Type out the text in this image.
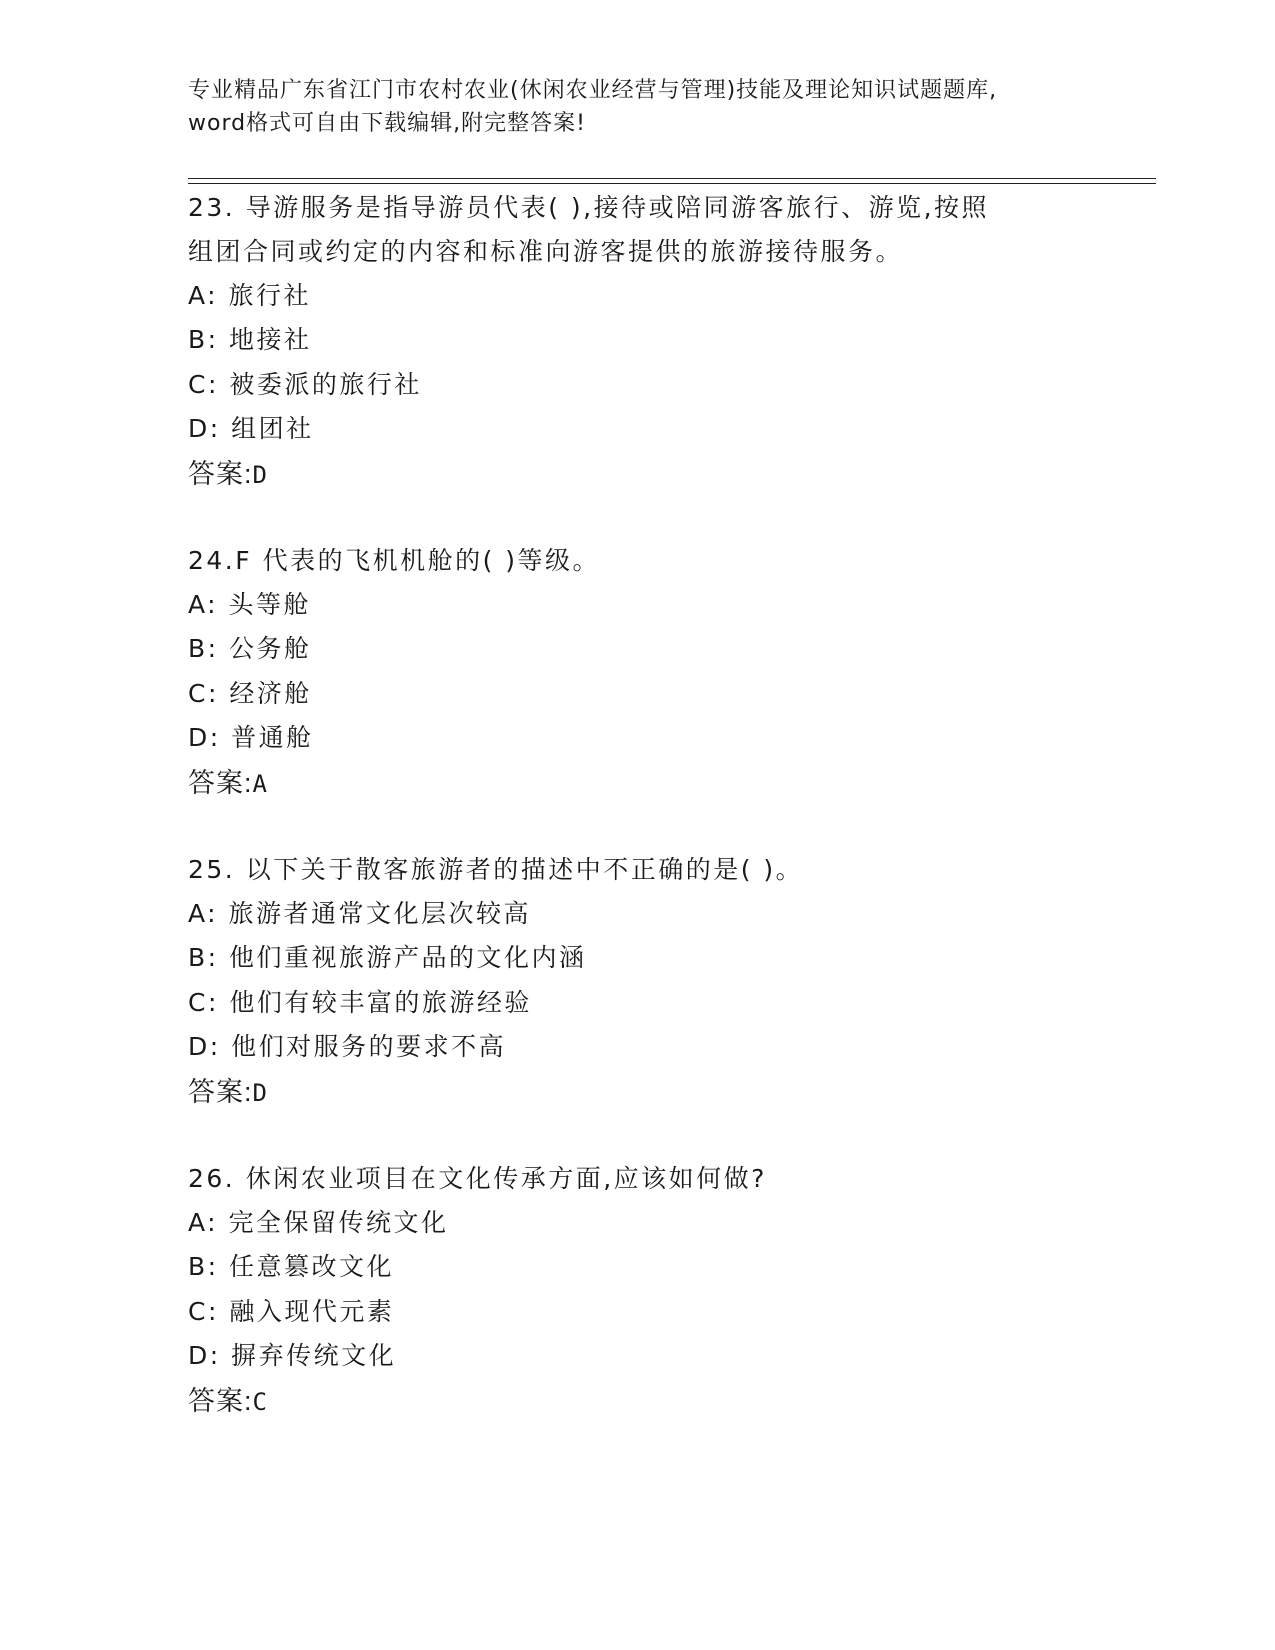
专业精品广东省江门市农村农业(休闲农业经营与管理)技能及理论知识试题题库,
word格式可自由下载编辑,附完整答案!
23. 导游服务是指导游员代表( ),接待或陪同游客旅行、游览,按照
组团合同或约定的内容和标准向游客提供的旅游接待服务。
A: 旅行社
B: 地接社
C: 被委派的旅行社
D: 组团社
答案:D
24.F 代表的飞机机舱的( )等级。
A: 头等舱
B: 公务舱
C: 经济舱
D: 普通舱
答案:A
25. 以下关于散客旅游者的描述中不正确的是( )。
A: 旅游者通常文化层次较高
B: 他们重视旅游产品的文化内涵
C: 他们有较丰富的旅游经验
D: 他们对服务的要求不高
答案:D
26. 休闲农业项目在文化传承方面,应该如何做?
A: 完全保留传统文化
B: 任意篡改文化
C: 融入现代元素
D: 摒弃传统文化
答案:C
